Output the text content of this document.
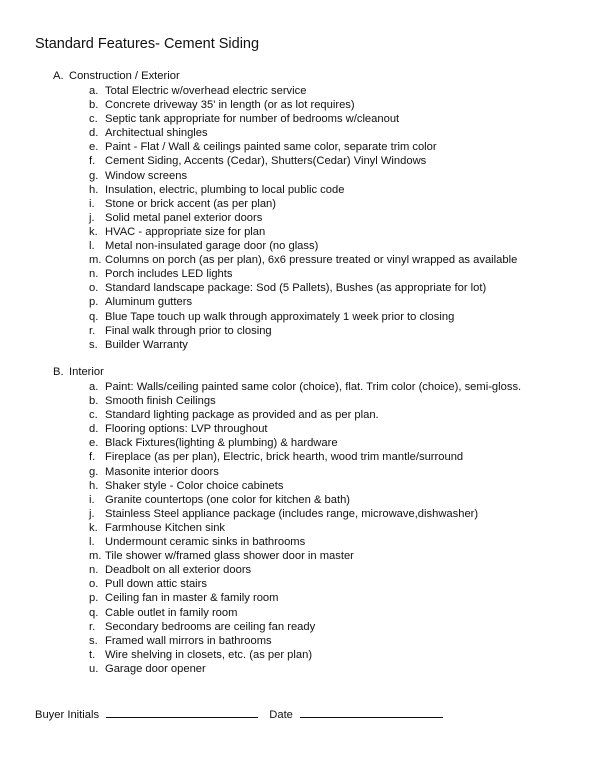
Standard Features- Cement Siding
A. Construction / Exterior
a. Total Electric w/overhead electric service
b. Concrete driveway 35' in length (or as lot requires)
c. Septic tank appropriate for number of bedrooms w/cleanout
d. Architectual shingles
e. Paint - Flat / Wall & ceilings painted same color, separate trim color
f. Cement Siding, Accents (Cedar), Shutters(Cedar) Vinyl Windows
g. Window screens
h. Insulation, electric, plumbing to local public code
i. Stone or brick accent (as per plan)
j. Solid metal panel exterior doors
k. HVAC - appropriate size for plan
l. Metal non-insulated garage door (no glass)
m. Columns on porch (as per plan), 6x6 pressure treated or vinyl wrapped as available
n. Porch includes LED lights
o. Standard landscape package: Sod (5 Pallets), Bushes (as appropriate for lot)
p. Aluminum gutters
q. Blue Tape touch up walk through approximately 1 week prior to closing
r. Final walk through prior to closing
s. Builder Warranty
B. Interior
a. Paint: Walls/ceiling painted same color (choice), flat. Trim color (choice), semi-gloss.
b. Smooth finish Ceilings
c. Standard lighting package as provided and as per plan.
d. Flooring options: LVP throughout
e. Black Fixtures(lighting & plumbing) & hardware
f. Fireplace (as per plan), Electric, brick hearth, wood trim mantle/surround
g. Masonite interior doors
h. Shaker style - Color choice cabinets
i. Granite countertops (one color for kitchen & bath)
j. Stainless Steel appliance package (includes range, microwave,dishwasher)
k. Farmhouse Kitchen sink
l. Undermount ceramic sinks in bathrooms
m. Tile shower w/framed glass shower door in master
n. Deadbolt on all exterior doors
o. Pull down attic stairs
p. Ceiling fan in master & family room
q. Cable outlet in family room
r. Secondary bedrooms are ceiling fan ready
s. Framed wall mirrors in bathrooms
t. Wire shelving in closets, etc. (as per plan)
u. Garage door opener
Buyer Initials	Date
